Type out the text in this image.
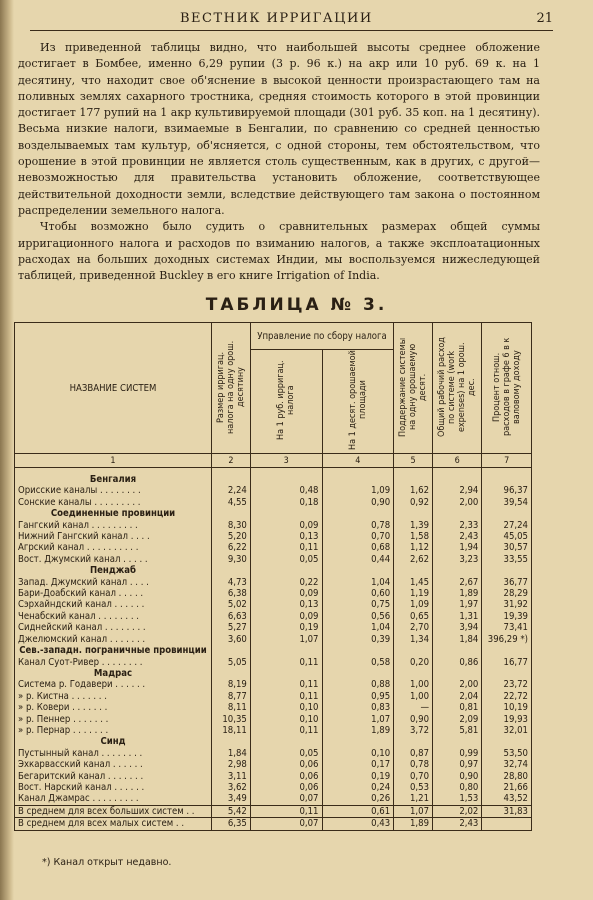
ВЕСТНИК ИРРИГАЦИИ	21

Из приведенной таблицы видно, что наибольшей высоты среднее обложение достигает в Бомбее, именно 6,29 рупии (3 р. 96 к.) на акр или 10 руб. 69 к. на 1 десятину, что находит свое об'яснение в высокой ценности произрастающего там на поливных землях сахарного тростника, средняя стоимость которого в этой провинции достигает 177 рупий на 1 акр культивируемой площади (301 руб. 35 коп. на 1 десятину). Весьма низкие налоги, взимаемые в Бенгалии, по сравнению со средней ценностью возделываемых там культур, об'ясняется, с одной стороны, тем обстоятельством, что орошение в этой провинции не является столь существенным, как в других, с другой—невозможностью для правительства установить обложение, соответствующее действительной доходности земли, вследствие действующего там закона о постоянном распределении земельного налога.

Чтобы возможно было судить о сравнительных размерах общей суммы ирригационного налога и расходов по взиманию налогов, а также эксплоатационных расходах на больших доходных системах Индии, мы воспользуемся нижеследующей таблицей, приведенной Buckley в его книге Irrigation of India.

ТАБЛИЦА № 3.
НАЗВАНИЕ СИСТЕМ	Размер ирригац. налога на одну орош. десятину	Управление по сбору налога		Поддержание системы на одну орошаемую десят.	Общий рабочий расход по системе (work expenses) на 1 орош. дес.	Процент отнош. расходов в графе 6 в к валовому доходу
		На 1 руб. ирригац. налога	На 1 десят. орошаемой площади			
1	2	3	4	5	6	7

Бенгалия						
Орисские каналы . . . . . . . .	2,24	0,48	1,09	1,62	2,94	96,37
Сонские каналы . . . . . . . . .	4,55	0,18	0,90	0,92	2,00	39,54
Соединенные провинции						
Гангский канал . . . . . . . . .	8,30	0,09	0,78	1,39	2,33	27,24
Нижний Гангский канал . . . .	5,20	0,13	0,70	1,58	2,43	45,05
Агрский канал . . . . . . . . . .	6,22	0,11	0,68	1,12	1,94	30,57
Вост. Джумский канал . . . . .	9,30	0,05	0,44	2,62	3,23	33,55
Пенджаб						
Запад. Джумский канал . . . .	4,73	0,22	1,04	1,45	2,67	36,77
Бари-Доабский канал . . . . .	6,38	0,09	0,60	1,19	1,89	28,29
Сэрхайндский канал . . . . . .	5,02	0,13	0,75	1,09	1,97	31,92
Ченабский канал . . . . . . . .	6,63	0,09	0,56	0,65	1,31	19,39
Сиднейский канал . . . . . . . .	5,27	0,19	1,04	2,70	3,94	73,41
Джелюмский канал . . . . . . .	3,60	1,07	0,39	1,34	1,84	396,29 *)
Сев.-западн. пограничные провинции						
Канал Суот-Ривер . . . . . . . .	5,05	0,11	0,58	0,20	0,86	16,77
Мадрас						
Система р. Годавери . . . . . .	8,19	0,11	0,88	1,00	2,00	23,72
» р. Кистна . . . . . . .	8,77	0,11	0,95	1,00	2,04	22,72
» р. Ковери . . . . . . .	8,11	0,10	0,83	—	0,81	10,19
» р. Пеннер . . . . . . .	10,35	0,10	1,07	0,90	2,09	19,93
» р. Пернар . . . . . . .	18,11	0,11	1,89	3,72	5,81	32,01
Синд						
Пустынный канал . . . . . . . .	1,84	0,05	0,10	0,87	0,99	53,50
Эхкарвасский канал . . . . . .	2,98	0,06	0,17	0,78	0,97	32,74
Бегаритский канал . . . . . . .	3,11	0,06	0,19	0,70	0,90	28,80
Вост. Нарский канал . . . . . .	3,62	0,06	0,24	0,53	0,80	21,66
Канал Джамрас . . . . . . . . .	3,49	0,07	0,26	1,21	1,53	43,52
В среднем для всех больших систем . .	5,42	0,11	0,61	1,07	2,02	31,83
В среднем для всех малых систем . .	6,35	0,07	0,43	1,89	2,43	
*) Канал открыт недавно.
